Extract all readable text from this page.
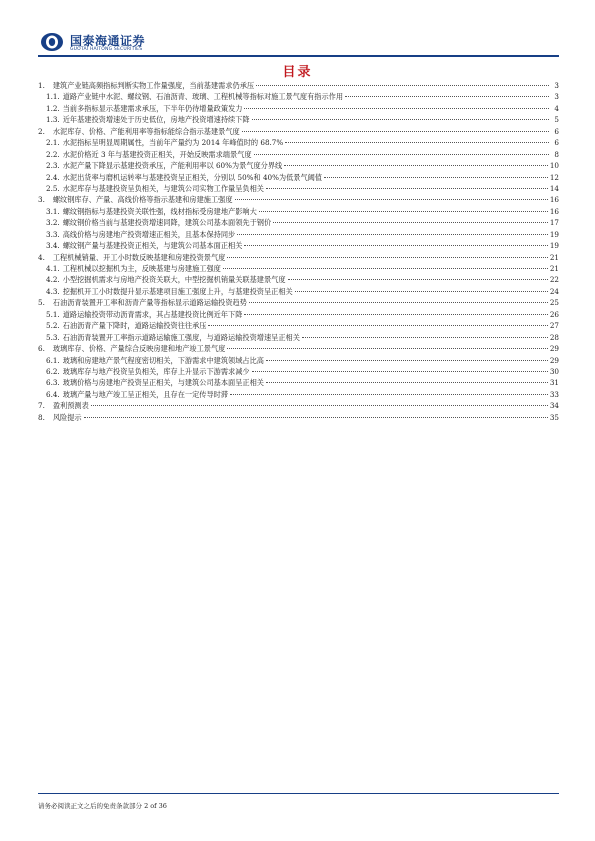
国泰海通证券
GUOTAI HAITONG SECURITIES
目录
1. 建筑产业链高频指标判断实物工作量强度，当前基建需求仍承压	3
1.1. 道路产业链中水泥、螺纹钢、石油沥青、玻璃、工程机械等指标对施工景气度有指示作用	3
1.2. 当前多指标显示基建需求承压，下半年仍待增量政策发力	4
1.3. 近年基建投资增速处于历史低位，房地产投资增速持续下降	5
2. 水泥库存、价格、产能利用率等指标能综合指示基建景气度	6
2.1. 水泥指标呈明显周期属性，当前年产量约为 2014 年峰值时的 68.7%	6
2.2. 水泥价格近 3 年与基建投资正相关，开始反映需求端景气度	8
2.3. 水泥产量下降显示基建投资承压，产能利用率以 60%为景气度分界线	10
2.4. 水泥出货率与磨机运转率与基建投资呈正相关，分别以 50%和 40%为低景气阈值	12
2.5. 水泥库存与基建投资呈负相关，与建筑公司实物工作量呈负相关	14
3. 螺纹钢库存、产量、高线价格等指示基建和房建施工强度	16
3.1. 螺纹钢指标与基建投资关联性强，线材指标受房建地产影响大	16
3.2. 螺纹钢价格当前与基建投资增速同降，建筑公司基本面领先于钢价	17
3.3. 高线价格与房建地产投资增速正相关，且基本保持同步	19
3.4. 螺纹钢产量与基建投资正相关，与建筑公司基本面正相关	19
4. 工程机械销量、开工小时数反映基建和房建投资景气度	21
4.1. 工程机械以挖掘机为主，反映基建与房建施工强度	21
4.2. 小型挖掘机需求与房地产投资关联大，中型挖掘机销量关联基建景气度	22
4.3. 挖掘机开工小时数提升显示基建项目施工强度上升，与基建投资呈正相关	24
5. 石油沥青装置开工率和沥青产量等指标显示道路运输投资趋势	25
5.1. 道路运输投资带动沥青需求，其占基建投资比例近年下降	26
5.2. 石油沥青产量下降时，道路运输投资往往承压	27
5.3. 石油沥青装置开工率指示道路运输施工强度，与道路运输投资增速呈正相关	28
6. 玻璃库存、价格、产量综合反映房建和地产竣工景气度	29
6.1. 玻璃和房建地产景气程度密切相关，下游需求中建筑领域占比高	29
6.2. 玻璃库存与地产投资呈负相关，库存上升显示下游需求减少	30
6.3. 玻璃价格与房建地产投资呈正相关，与建筑公司基本面呈正相关	31
6.4. 玻璃产量与地产竣工呈正相关，且存在一定传导时滞	33
7. 盈利预测表	34
8. 风险提示	35
请务必阅读正文之后的免责条款部分 2 of 36
